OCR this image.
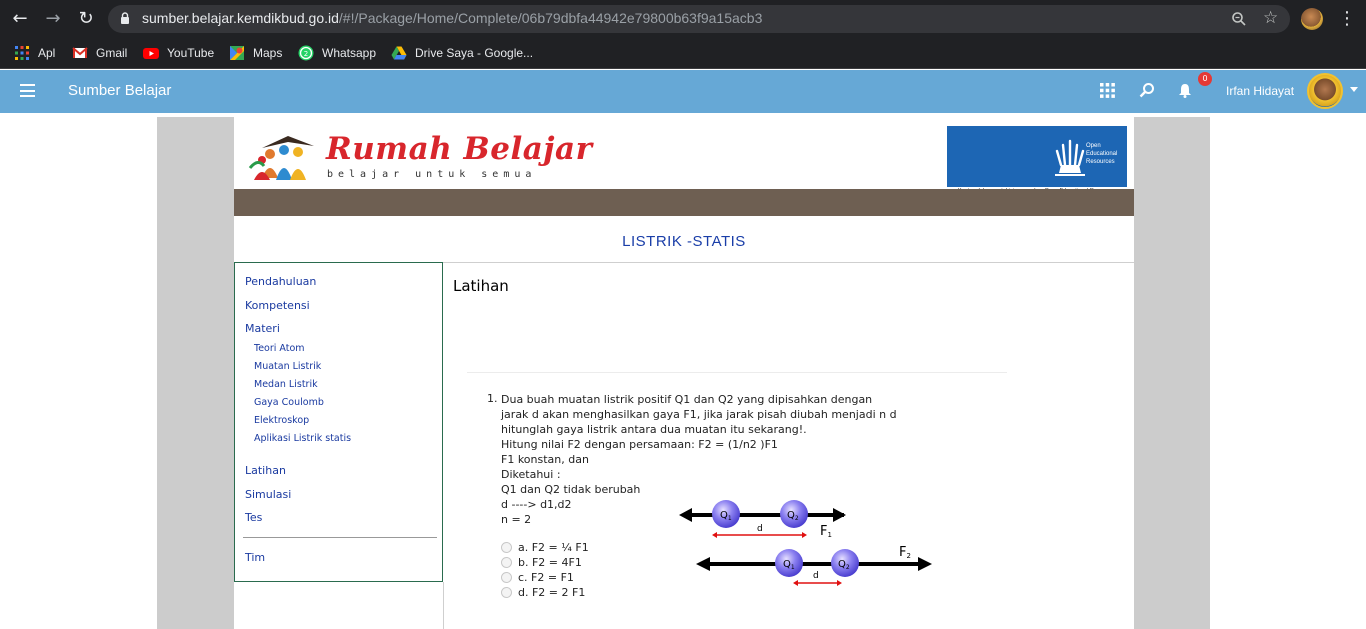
← → ↻	sumber.belajar.kemdikbud.go.id/#!/Package/Home/Complete/06b79dbfa44942e79800b63f9a15acb3	☆	⋮
Apl	Gmail	YouTube	Maps	2 Whatsapp	Drive Saya - Google...
Sumber Belajar	Irfan Hidayat
0
Rumah Belajar
belajar untuk semua
Open
Educational
Resources
LISTRIK -STATIS
Pendahuluan
Kompetensi
Materi
Teori Atom
Muatan Listrik
Medan Listrik
Gaya Coulomb
Elektroskop
Aplikasi Listrik statis
Latihan
Simulasi
Tes
Tim
Latihan
1. Dua buah muatan listrik positif Q1 dan Q2 yang dipisahkan dengan
jarak d akan menghasilkan gaya F1, jika jarak pisah diubah menjadi n d
hitunglah gaya listrik antara dua muatan itu sekarang!.
Hitung nilai F2 dengan persamaan: F2 = (1/n2 )F1
F1 konstan, dan
Diketahui :
Q1 dan Q2 tidak berubah
d ----> d1,d2
n = 2
a. F2 = ¼ F1
b. F2 = 4F1
c. F2 = F1
d. F2 = 2 F1
$Q_1$	$Q_2$
d	F1
$Q_1$	$Q_2$
d
F2
